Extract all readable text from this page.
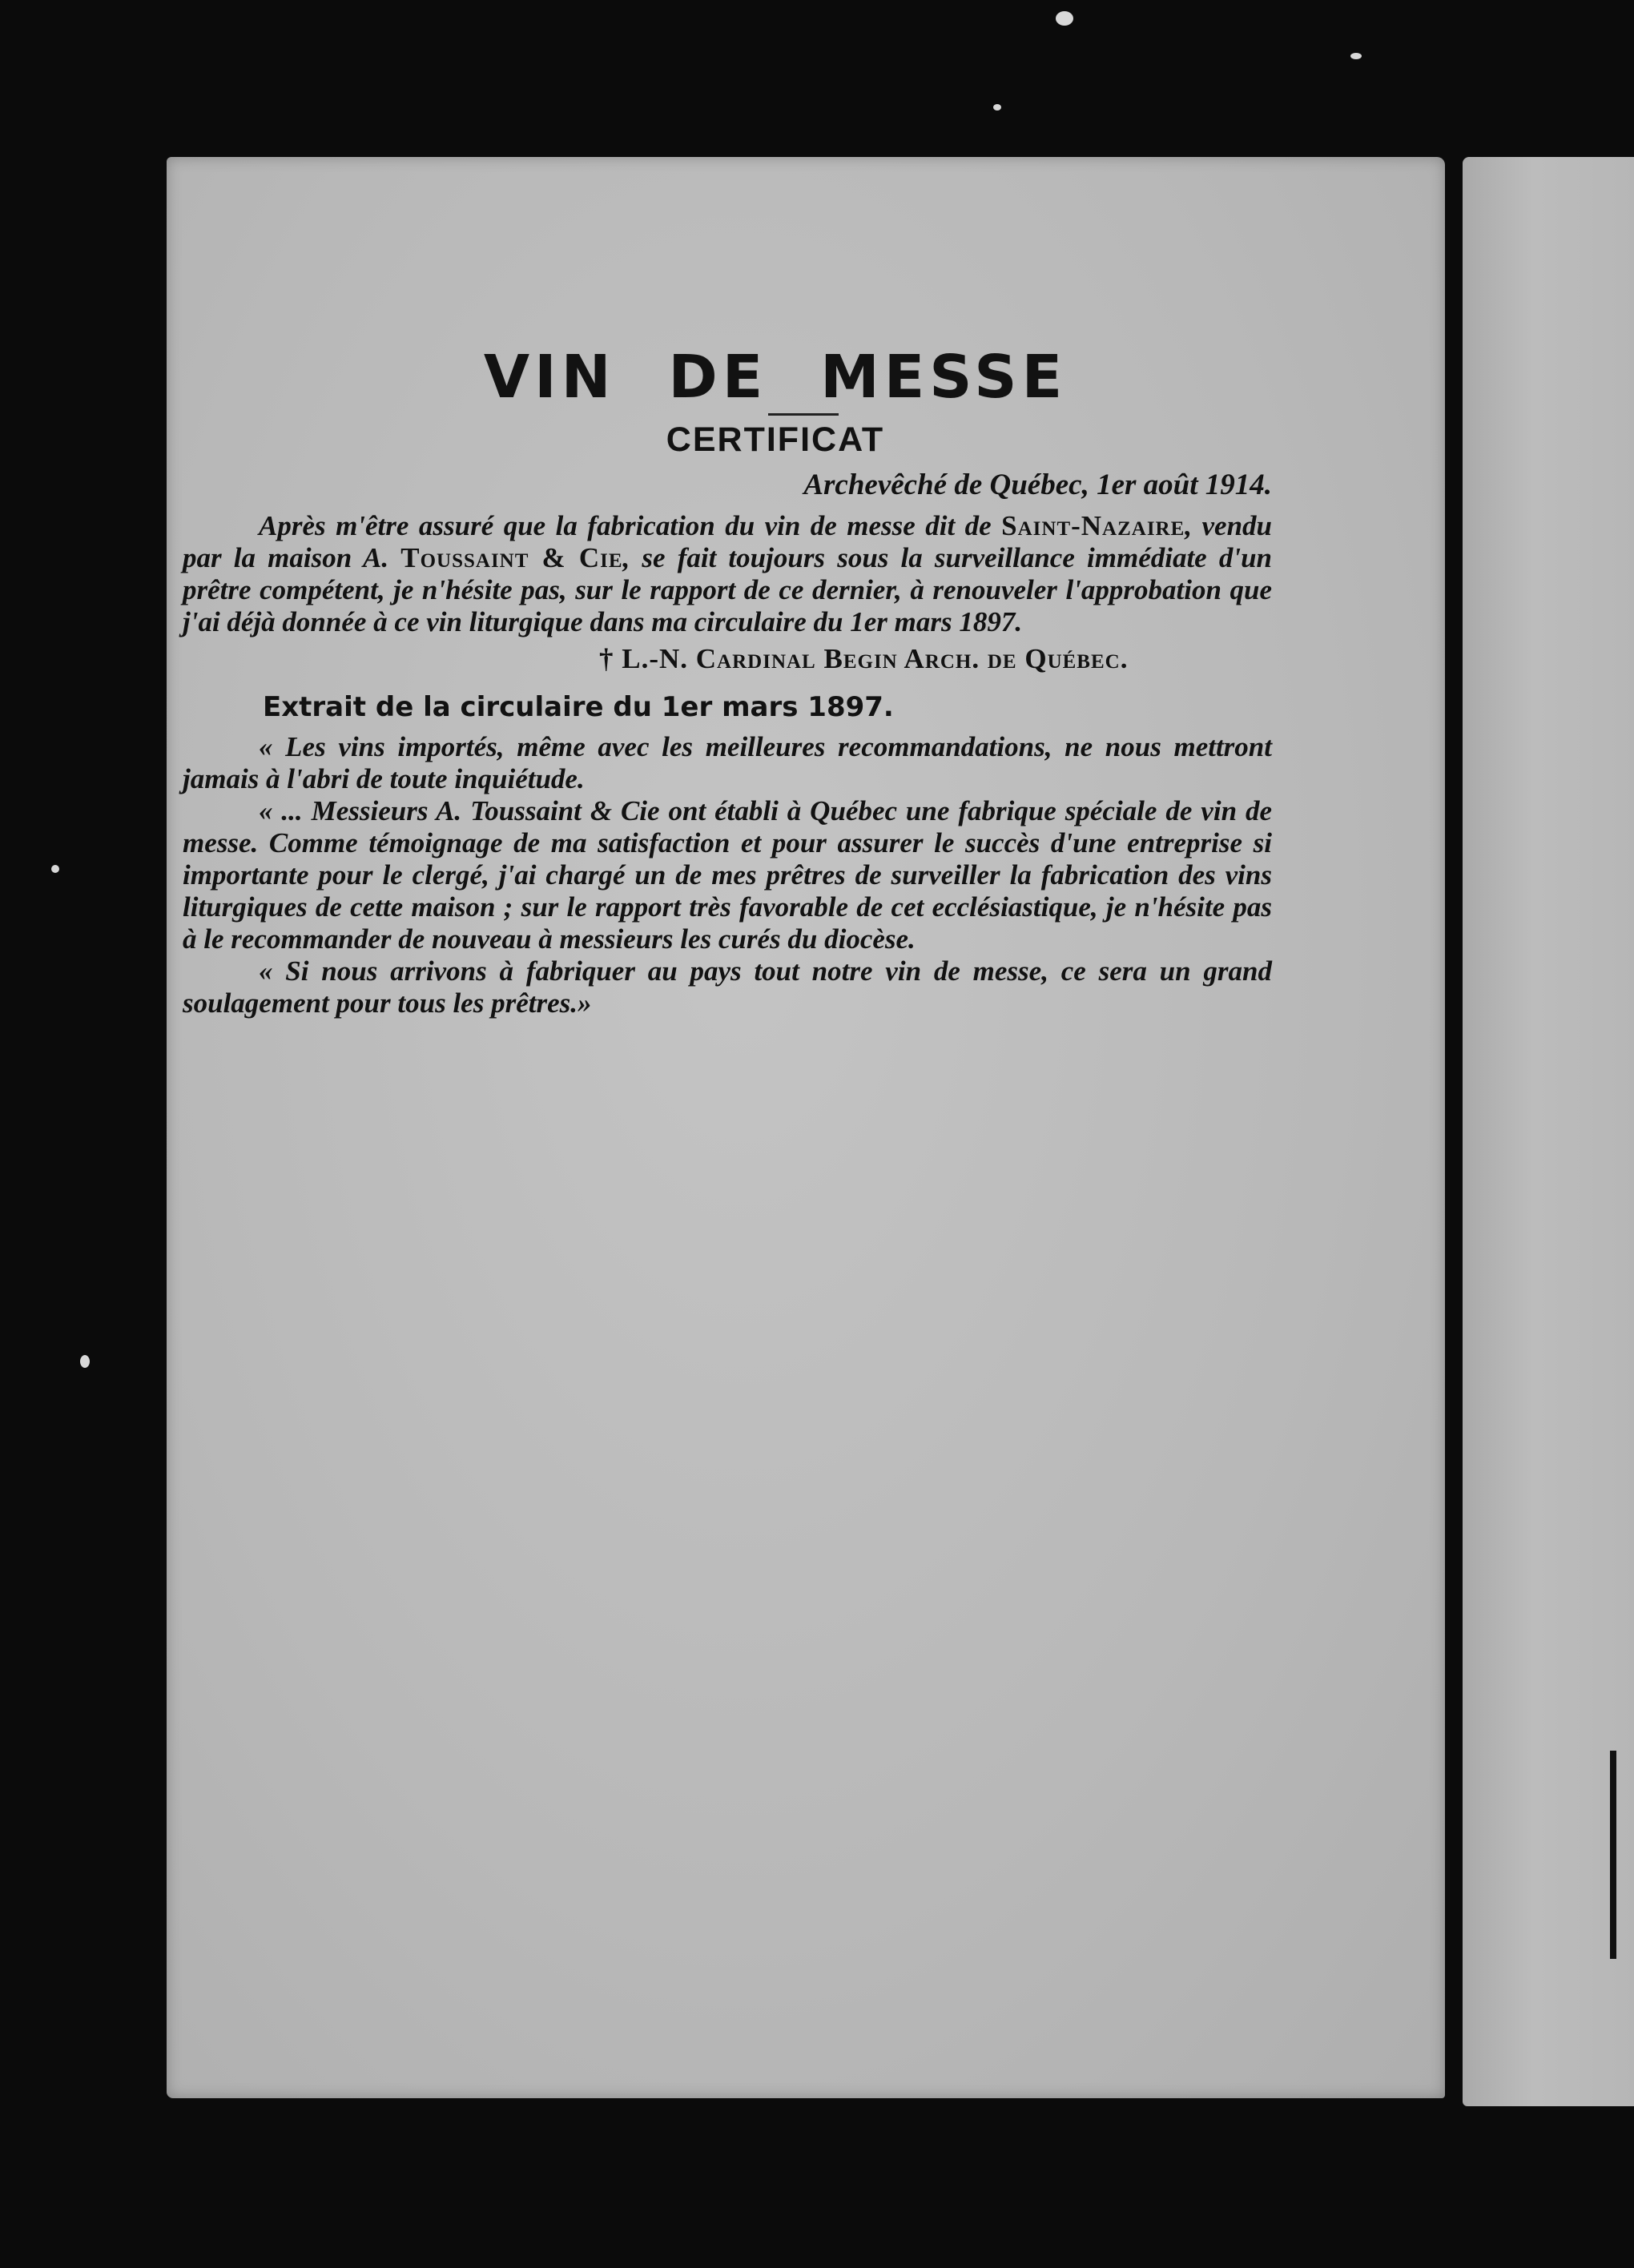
VIN DE MESSE
CERTIFICAT
Archevêché de Québec, 1er août 1914.

Après m'être assuré que la fabrication du vin de messe dit de Saint-Nazaire, vendu par la maison A. Toussaint & Cie, se fait toujours sous la surveillance immédiate d'un prêtre compétent, je n'hésite pas, sur le rapport de ce dernier, à renouveler l'approbation que j'ai déjà donnée à ce vin liturgique dans ma circulaire du 1er mars 1897.

† L.-N. Cardinal Begin Arch. de Québec.
Extrait de la circulaire du 1er mars 1897.

« Les vins importés, même avec les meilleures recommandations, ne nous mettront jamais à l'abri de toute inquiétude.

« ... Messieurs A. Toussaint & Cie ont établi à Québec une fabrique spéciale de vin de messe. Comme témoignage de ma satisfaction et pour assurer le succès d'une entreprise si importante pour le clergé, j'ai chargé un de mes prêtres de surveiller la fabrication des vins liturgiques de cette maison ; sur le rapport très favorable de cet ecclésiastique, je n'hésite pas à le recommander de nouveau à messieurs les curés du diocèse.

« Si nous arrivons à fabriquer au pays tout notre vin de messe, ce sera un grand soulagement pour tous les prêtres.»
